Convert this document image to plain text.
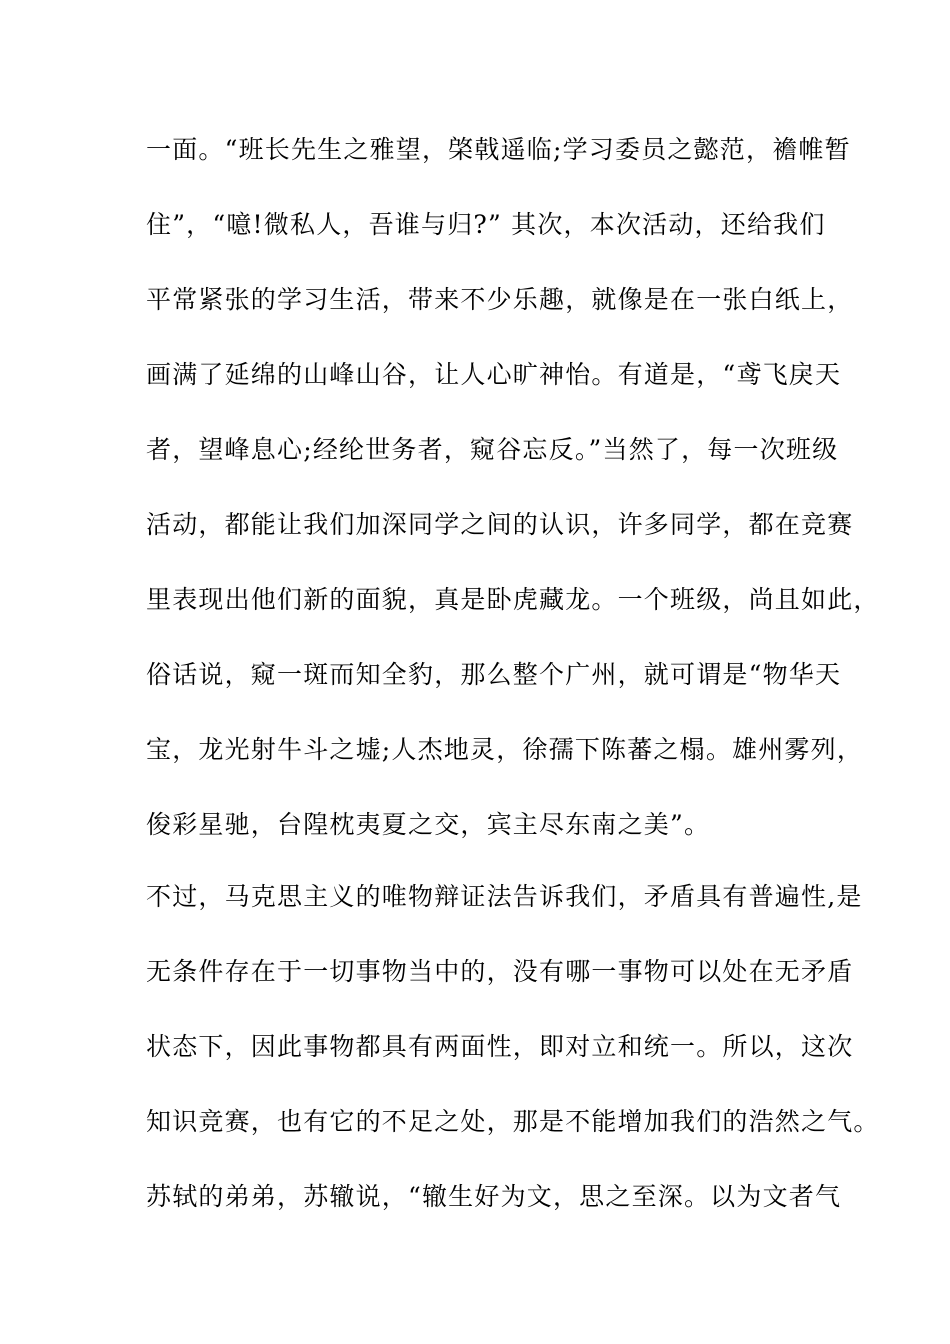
一面。“班长先生之雅望，棨戟遥临;学习委员之懿范，襜帷暂
住”，“噫!微私人，吾谁与归?” 其次，本次活动，还给我们
平常紧张的学习生活，带来不少乐趣，就像是在一张白纸上，
画满了延绵的山峰山谷，让人心旷神怡。有道是，“鸢飞戾天
者，望峰息心;经纶世务者，窥谷忘反。”当然了，每一次班级
活动，都能让我们加深同学之间的认识，许多同学，都在竞赛
里表现出他们新的面貌，真是卧虎藏龙。一个班级，尚且如此，
俗话说，窥一斑而知全豹，那么整个广州，就可谓是“物华天
宝，龙光射牛斗之墟;人杰地灵，徐孺下陈蕃之榻。雄州雾列，
俊彩星驰，台隍枕夷夏之交，宾主尽东南之美”。
不过，马克思主义的唯物辩证法告诉我们，矛盾具有普遍性,是
无条件存在于一切事物当中的，没有哪一事物可以处在无矛盾
状态下，因此事物都具有两面性，即对立和统一。所以，这次
知识竞赛，也有它的不足之处，那是不能增加我们的浩然之气。
苏轼的弟弟，苏辙说，“辙生好为文，思之至深。以为文者气
